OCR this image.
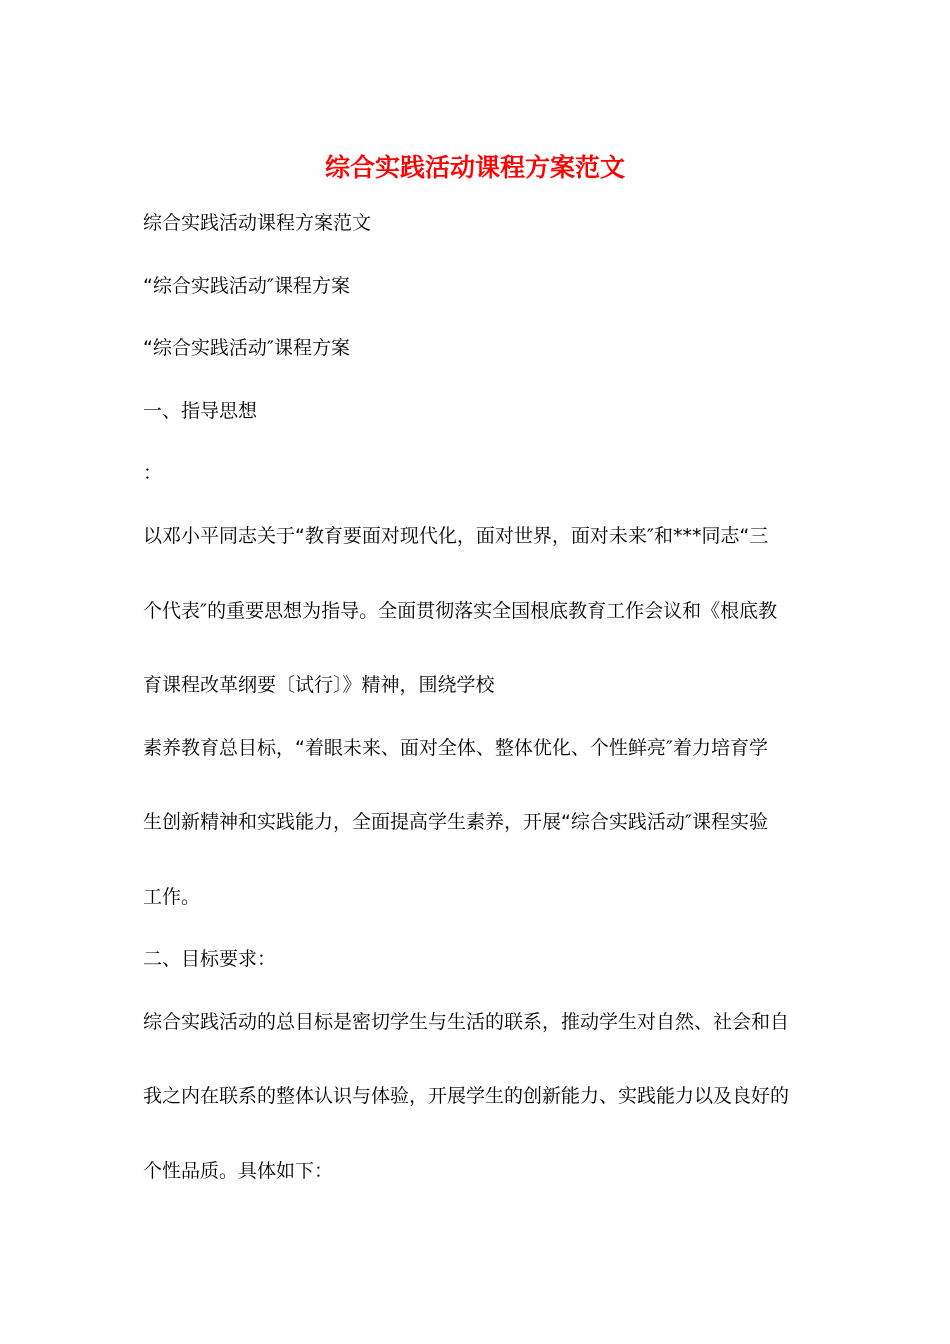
综合实践活动课程方案范文

综合实践活动课程方案范文

“综合实践活动″课程方案

“综合实践活动″课程方案

一、指导思想

：

以邓小平同志关于“教育要面对现代化，面对世界，面对未来″和***同志“三

个代表″的重要思想为指导。全面贯彻落实全国根底教育工作会议和《根底教

育课程改革纲要〔试行〕》精神，围绕学校

素养教育总目标，“着眼未来、面对全体、整体优化、个性鲜亮″着力培育学

生创新精神和实践能力，全面提高学生素养，开展“综合实践活动″课程实验

工作。

二、目标要求：

综合实践活动的总目标是密切学生与生活的联系，推动学生对自然、社会和自

我之内在联系的整体认识与体验，开展学生的创新能力、实践能力以及良好的

个性品质。具体如下：
